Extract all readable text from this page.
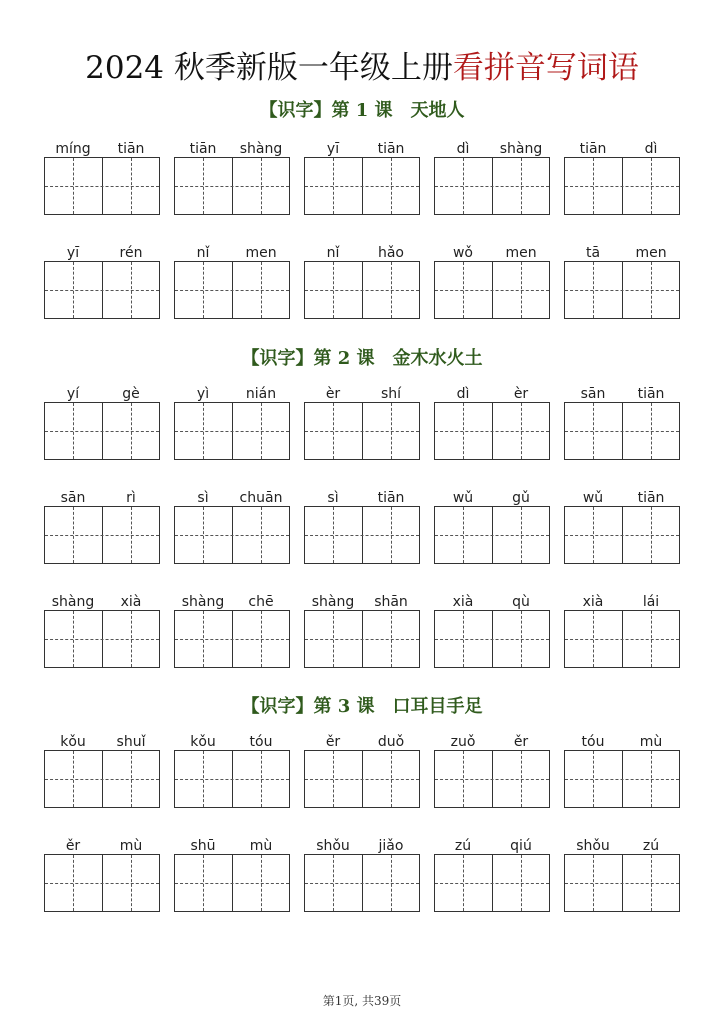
2024 秋季新版一年级上册看拼音写词语
【识字】第 1 课　天地人
míng	tiān	tiān	shàng	yī	tiān	dì	shàng	tiān	dì
yī	rén	nǐ	men	nǐ	hǎo	wǒ	men	tā	men
【识字】第 2 课　金木水火土
yí	gè	yì	nián	èr	shí	dì	èr	sān	tiān
sān	rì	sì	chuān	sì	tiān	wǔ	gǔ	wǔ	tiān
shàng	xià	shàng	chē	shàng	shān	xià	qù	xià	lái
【识字】第 3 课　口耳目手足
kǒu	shuǐ	kǒu	tóu	ěr	duǒ	zuǒ	ěr	tóu	mù
ěr	mù	shū	mù	shǒu	jiǎo	zú	qiú	shǒu	zú
第1页, 共39页
